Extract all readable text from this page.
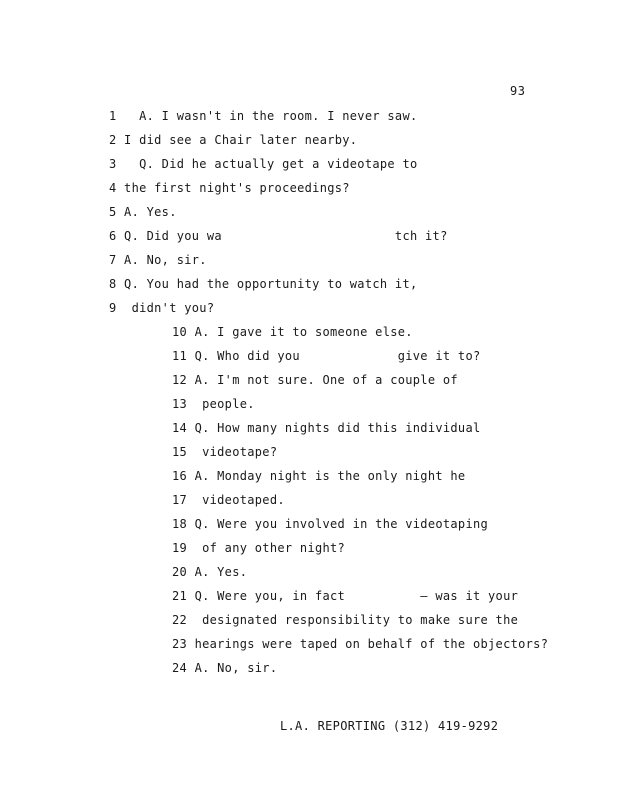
93
1   A. I wasn't in the room. I never saw.
2 I did see a Chair later nearby.
3   Q. Did he actually get a videotape to
4 the first night's proceedings?
5 A. Yes.
6 Q. Did you wa                       tch it?
7 A. No, sir.
8 Q. You had the opportunity to watch it,
9  didn't you?
10 A. I gave it to someone else.
11 Q. Who did you             give it to?
12 A. I'm not sure. One of a couple of
13  people.
14 Q. How many nights did this individual
15  videotape?
16 A. Monday night is the only night he
17  videotaped.
18 Q. Were you involved in the videotaping
19  of any other night?
20 A. Yes.
21 Q. Were you, in fact          — was it your
22  designated responsibility to make sure the
23 hearings were taped on behalf of the objectors?
24 A. No, sir.
L.A. REPORTING (312) 419-9292
